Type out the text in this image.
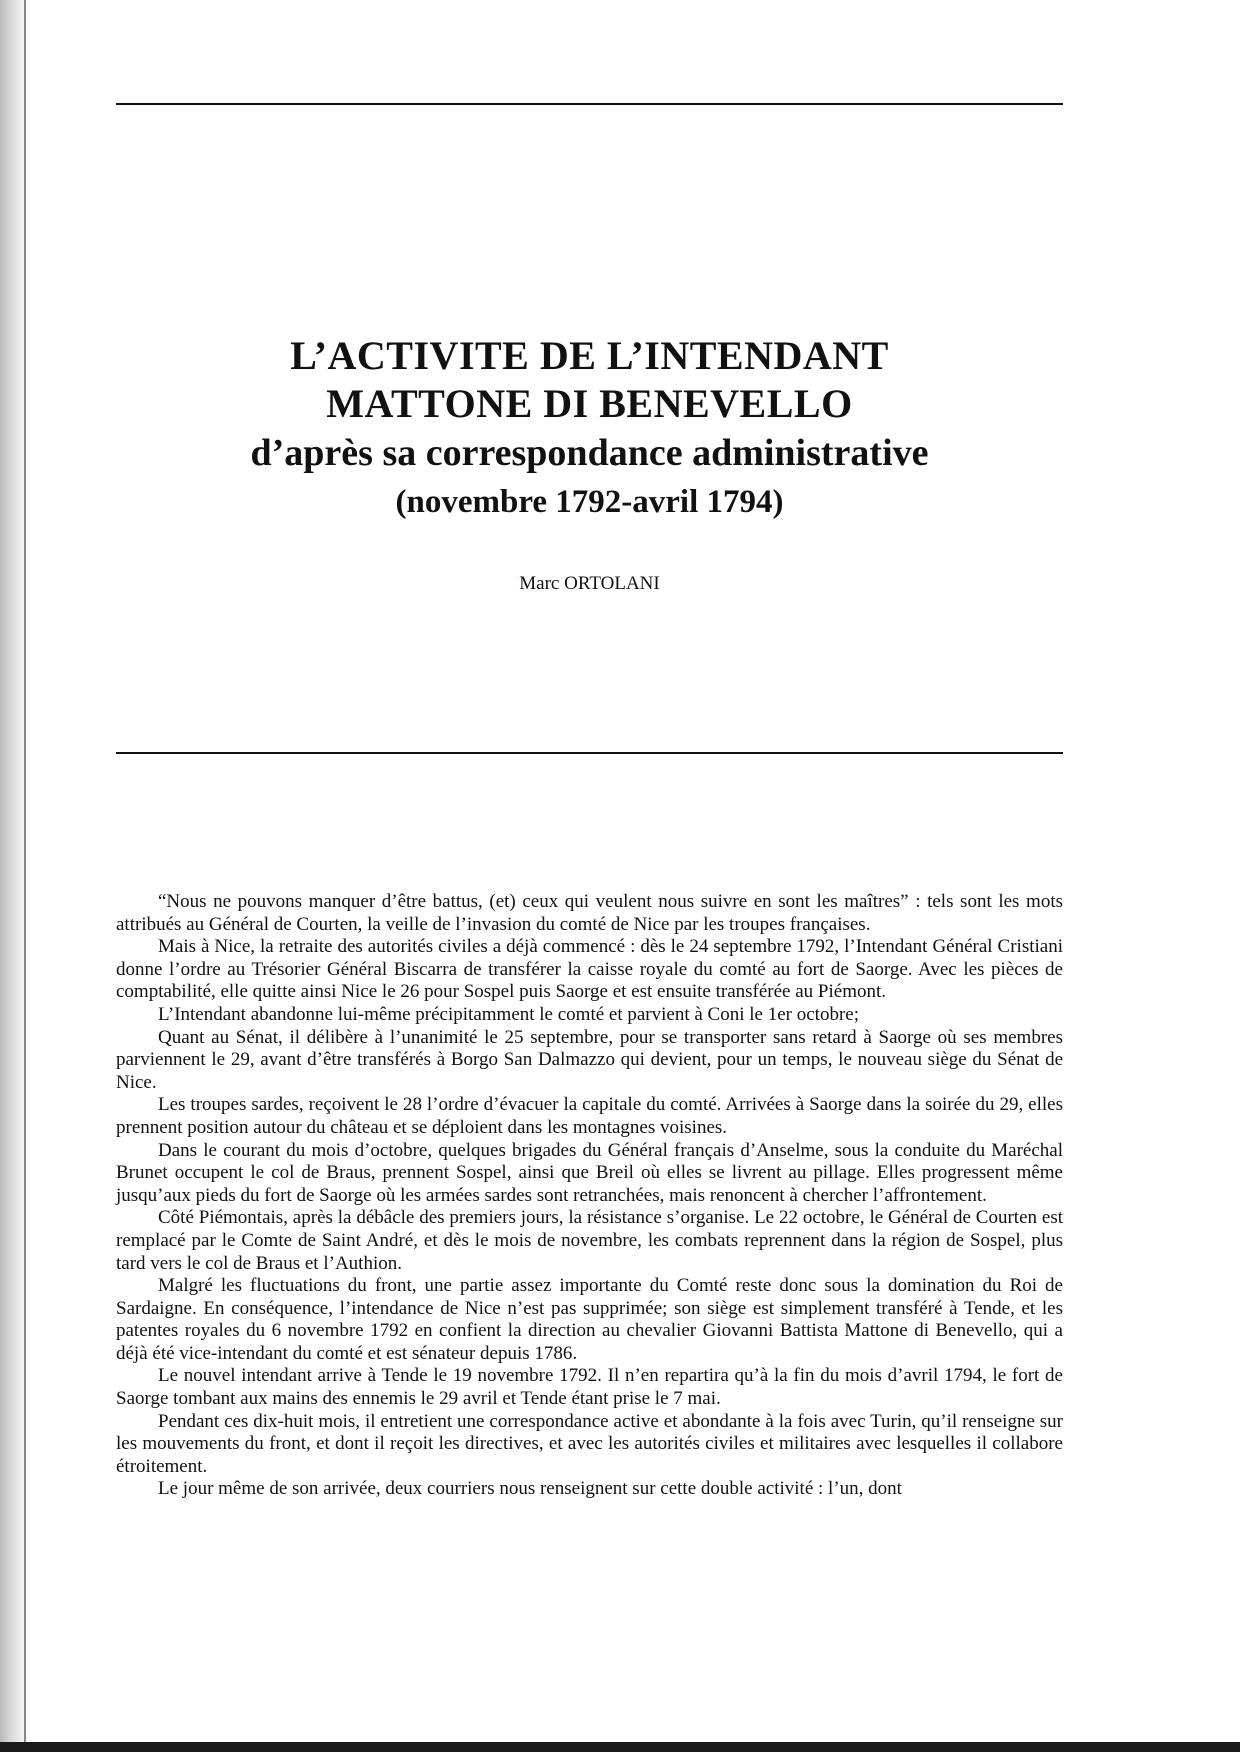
L’ACTIVITE DE L’INTENDANT
MATTONE DI BENEVELLO
d’après sa correspondance administrative
(novembre 1792-avril 1794)
Marc ORTOLANI

“Nous ne pouvons manquer d’être battus, (et) ceux qui veulent nous suivre en sont les maîtres” : tels sont les mots attribués au Général de Courten, la veille de l’invasion du comté de Nice par les troupes françaises.

Mais à Nice, la retraite des autorités civiles a déjà commencé : dès le 24 septembre 1792, l’Intendant Général Cristiani donne l’ordre au Trésorier Général Biscarra de transférer la caisse royale du comté au fort de Saorge. Avec les pièces de comptabilité, elle quitte ainsi Nice le 26 pour Sospel puis Saorge et est ensuite transférée au Piémont.

L’Intendant abandonne lui-même précipitamment le comté et parvient à Coni le 1er octobre;

Quant au Sénat, il délibère à l’unanimité le 25 septembre, pour se transporter sans retard à Saorge où ses membres parviennent le 29, avant d’être transférés à Borgo San Dalmazzo qui devient, pour un temps, le nouveau siège du Sénat de Nice.

Les troupes sardes, reçoivent le 28 l’ordre d’évacuer la capitale du comté. Arrivées à Saorge dans la soirée du 29, elles prennent position autour du château et se déploient dans les montagnes voisines.

Dans le courant du mois d’octobre, quelques brigades du Général français d’Anselme, sous la conduite du Maréchal Brunet occupent le col de Braus, prennent Sospel, ainsi que Breil où elles se livrent au pillage. Elles progressent même jusqu’aux pieds du fort de Saorge où les armées sardes sont retranchées, mais renoncent à chercher l’affrontement.

Côté Piémontais, après la débâcle des premiers jours, la résistance s’organise. Le 22 octobre, le Général de Courten est remplacé par le Comte de Saint André, et dès le mois de novembre, les combats reprennent dans la région de Sospel, plus tard vers le col de Braus et l’Authion.

Malgré les fluctuations du front, une partie assez importante du Comté reste donc sous la domination du Roi de Sardaigne. En conséquence, l’intendance de Nice n’est pas supprimée; son siège est simplement transféré à Tende, et les patentes royales du 6 novembre 1792 en confient la direction au chevalier Giovanni Battista Mattone di Benevello, qui a déjà été vice-intendant du comté et est sénateur depuis 1786.

Le nouvel intendant arrive à Tende le 19 novembre 1792. Il n’en repartira qu’à la fin du mois d’avril 1794, le fort de Saorge tombant aux mains des ennemis le 29 avril et Tende étant prise le 7 mai.

Pendant ces dix-huit mois, il entretient une correspondance active et abondante à la fois avec Turin, qu’il renseigne sur les mouvements du front, et dont il reçoit les directives, et avec les autorités civiles et militaires avec lesquelles il collabore étroitement.

Le jour même de son arrivée, deux courriers nous renseignent sur cette double activité : l’un, dont
